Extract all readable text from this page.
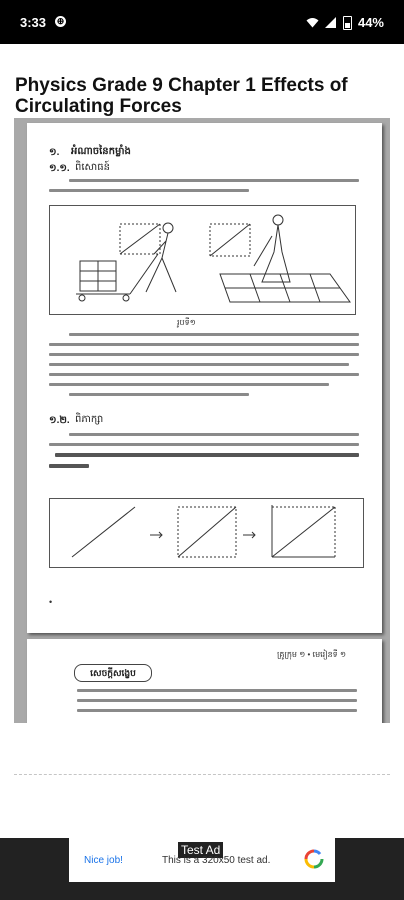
3:33 ⊕	44%
Physics Grade 9 Chapter 1 Effects of Circulating Forces
១. អំណាចនៃកម្លាំង
១.១. ពិសោធន៍
រូបទី១
១.២. ពិភាក្សា
•
គ្រូក្រុម ១ • មេរៀនទី ១
សេចក្តីសង្ខេប
Test Ad
Nice job!	This is a 320x50 test ad.
